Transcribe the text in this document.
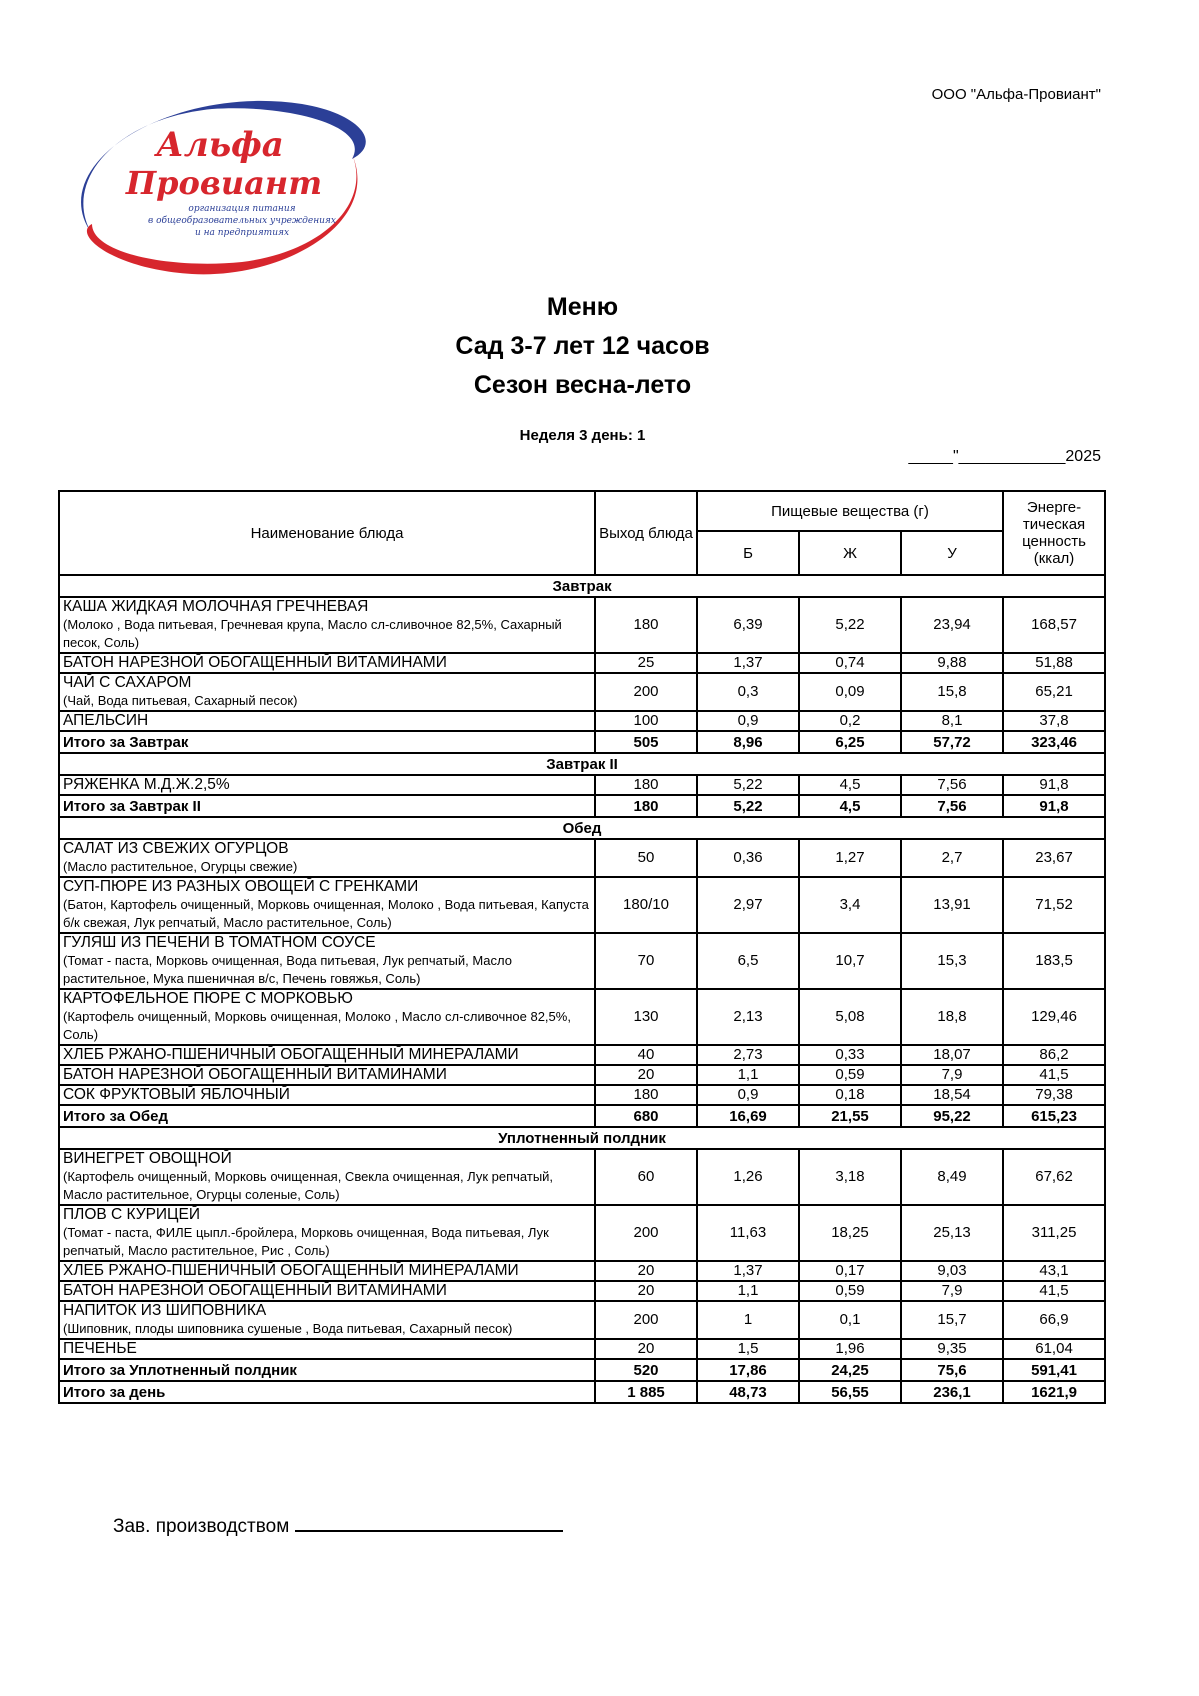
ООО "Альфа-Провиант"
Альфа
Провиант
организация питания
в общеобразовательных учреждениях
и на предприятиях
Меню
Сад 3-7 лет 12 часов
Сезон весна-лето
Неделя 3 день: 1
_____"____________2025
Наименование блюда	Выход блюда	Пищевые вещества (г)			Энерге- тическая ценность (ккал)
		Б	Ж	У	
Завтрак					

КАША ЖИДКАЯ МОЛОЧНАЯ ГРЕЧНЕВАЯ
(Молоко , Вода питьевая, Гречневая крупа, Масло сл-сливочное 82,5%, Сахарный песок, Соль)	180	6,39	5,22	23,94	168,57

БАТОН НАРЕЗНОЙ ОБОГАЩЕННЫЙ ВИТАМИНАМИ	25	1,37	0,74	9,88	51,88

ЧАЙ С САХАРОМ
(Чай, Вода питьевая, Сахарный песок)	200	0,3	0,09	15,8	65,21

АПЕЛЬСИН	100	0,9	0,2	8,1	37,8
Итого за Завтрак	505	8,96	6,25	57,72	323,46
Завтрак II					

РЯЖЕНКА М.Д.Ж.2,5%	180	5,22	4,5	7,56	91,8
Итого за Завтрак II	180	5,22	4,5	7,56	91,8
Обед					

САЛАТ ИЗ СВЕЖИХ ОГУРЦОВ
(Масло растительное, Огурцы свежие)	50	0,36	1,27	2,7	23,67

СУП-ПЮРЕ ИЗ РАЗНЫХ ОВОЩЕЙ С ГРЕНКАМИ
(Батон, Картофель очищенный, Морковь очищенная, Молоко , Вода питьевая, Капуста б/к свежая, Лук репчатый, Масло растительное, Соль)	180/10	2,97	3,4	13,91	71,52

ГУЛЯШ ИЗ ПЕЧЕНИ В ТОМАТНОМ СОУСЕ
(Томат - паста, Морковь очищенная, Вода питьевая, Лук репчатый, Масло растительное, Мука пшеничная в/с, Печень говяжья, Соль)	70	6,5	10,7	15,3	183,5

КАРТОФЕЛЬНОЕ ПЮРЕ С МОРКОВЬЮ
(Картофель очищенный, Морковь очищенная, Молоко , Масло сл-сливочное 82,5%, Соль)	130	2,13	5,08	18,8	129,46

ХЛЕБ РЖАНО-ПШЕНИЧНЫЙ ОБОГАЩЕННЫЙ МИНЕРАЛАМИ	40	2,73	0,33	18,07	86,2

БАТОН НАРЕЗНОЙ ОБОГАЩЕННЫЙ ВИТАМИНАМИ	20	1,1	0,59	7,9	41,5

СОК ФРУКТОВЫЙ ЯБЛОЧНЫЙ	180	0,9	0,18	18,54	79,38
Итого за Обед	680	16,69	21,55	95,22	615,23
Уплотненный полдник					

ВИНЕГРЕТ ОВОЩНОЙ
(Картофель очищенный, Морковь очищенная, Свекла очищенная, Лук репчатый, Масло растительное, Огурцы соленые, Соль)	60	1,26	3,18	8,49	67,62

ПЛОВ С КУРИЦЕЙ
(Томат - паста, ФИЛЕ цыпл.-бройлера, Морковь очищенная, Вода питьевая, Лук репчатый, Масло растительное, Рис , Соль)	200	11,63	18,25	25,13	311,25

ХЛЕБ РЖАНО-ПШЕНИЧНЫЙ ОБОГАЩЕННЫЙ МИНЕРАЛАМИ	20	1,37	0,17	9,03	43,1

БАТОН НАРЕЗНОЙ ОБОГАЩЕННЫЙ ВИТАМИНАМИ	20	1,1	0,59	7,9	41,5

НАПИТОК ИЗ ШИПОВНИКА
(Шиповник, плоды шиповника сушеные , Вода питьевая, Сахарный песок)	200	1	0,1	15,7	66,9

ПЕЧЕНЬЕ	20	1,5	1,96	9,35	61,04
Итого за Уплотненный полдник	520	17,86	24,25	75,6	591,41
Итого за день	1 885	48,73	56,55	236,1	1621,9
Зав. производством
